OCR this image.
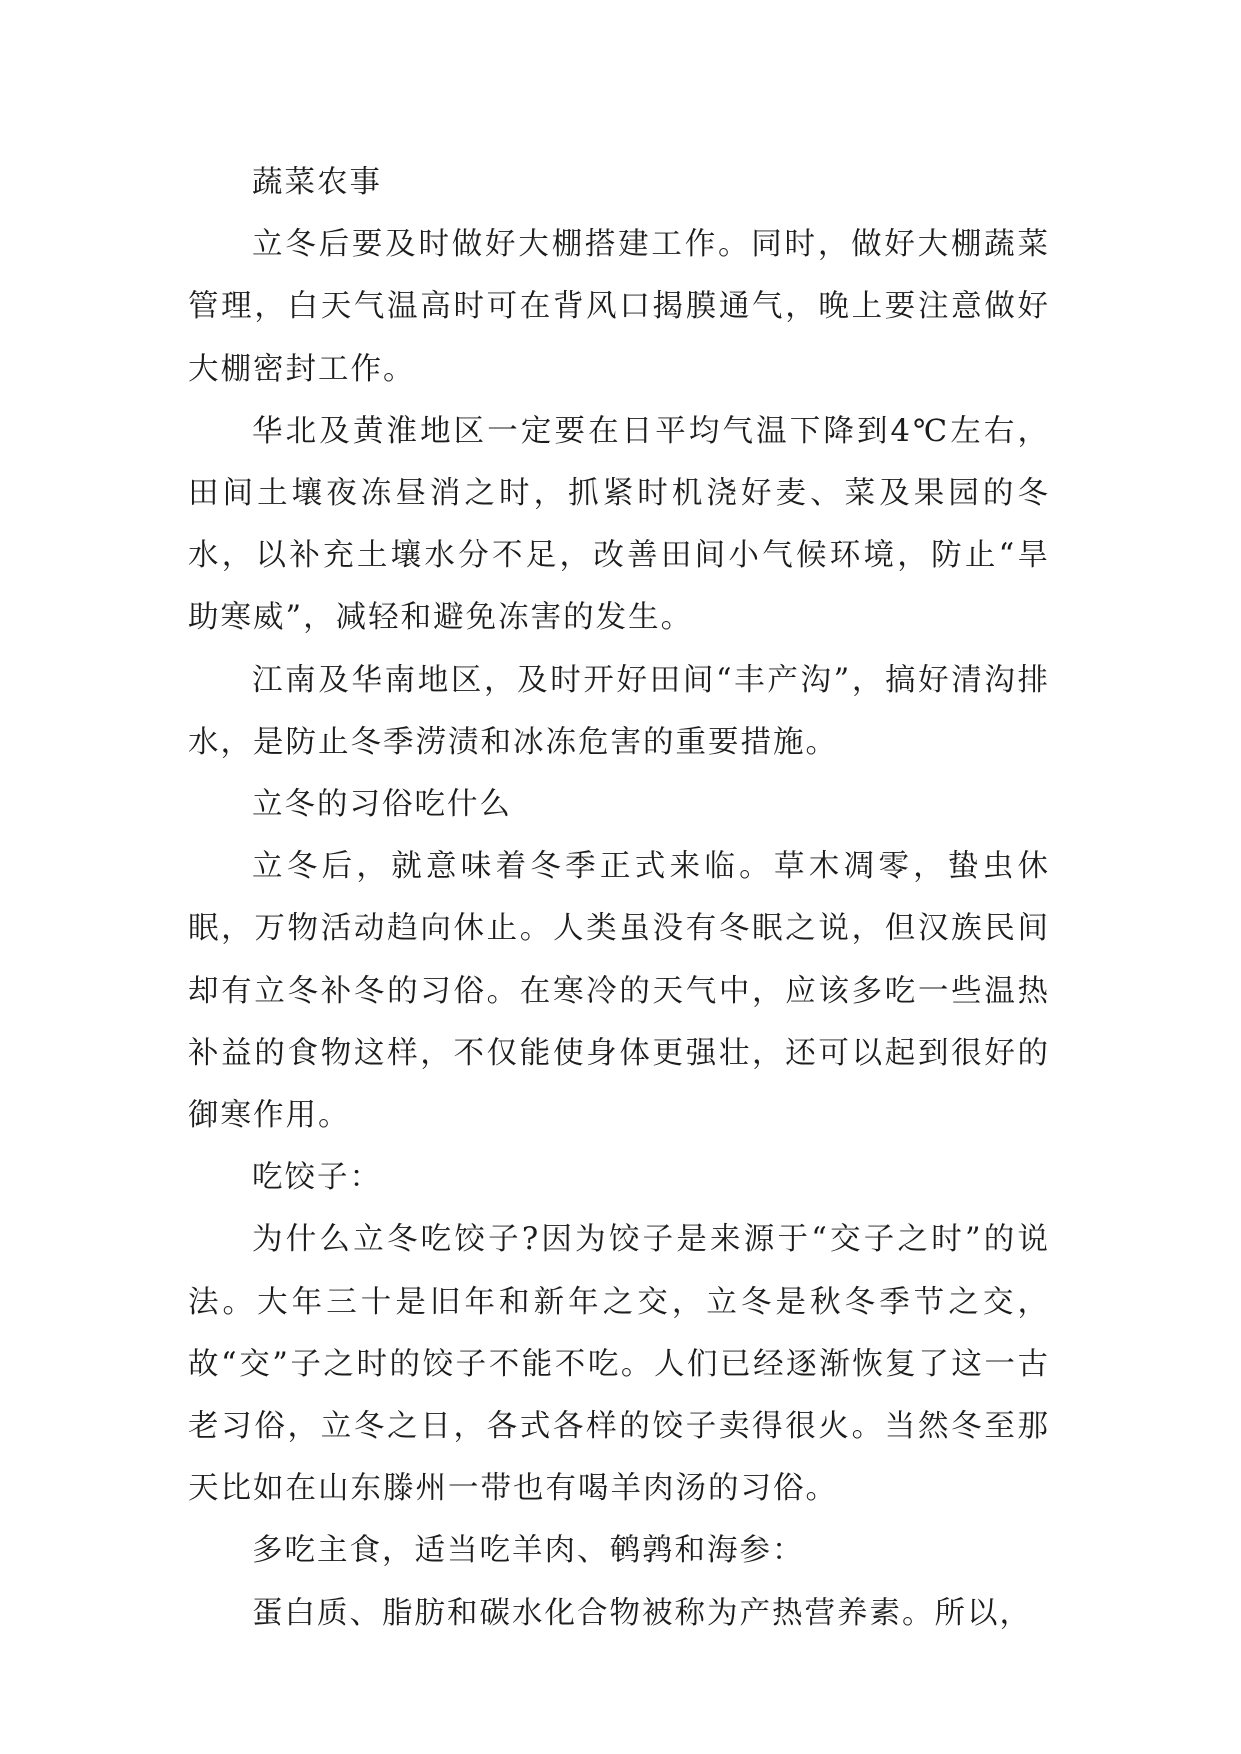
蔬菜农事

立冬后要及时做好大棚搭建工作。同时，做好大棚蔬菜管理，白天气温高时可在背风口揭膜通气，晚上要注意做好大棚密封工作。

华北及黄淮地区一定要在日平均气温下降到4℃左右，田间土壤夜冻昼消之时，抓紧时机浇好麦、菜及果园的冬水，以补充土壤水分不足，改善田间小气候环境，防止“旱助寒威”，减轻和避免冻害的发生。

江南及华南地区，及时开好田间“丰产沟”，搞好清沟排水，是防止冬季涝渍和冰冻危害的重要措施。

立冬的习俗吃什么

立冬后，就意味着冬季正式来临。草木凋零，蛰虫休眠，万物活动趋向休止。人类虽没有冬眠之说，但汉族民间却有立冬补冬的习俗。在寒冷的天气中，应该多吃一些温热补益的食物这样，不仅能使身体更强壮，还可以起到很好的御寒作用。

吃饺子：

为什么立冬吃饺子?因为饺子是来源于“交子之时”的说法。大年三十是旧年和新年之交，立冬是秋冬季节之交，故“交”子之时的饺子不能不吃。人们已经逐渐恢复了这一古老习俗，立冬之日，各式各样的饺子卖得很火。当然冬至那天比如在山东滕州一带也有喝羊肉汤的习俗。

多吃主食，适当吃羊肉、鹌鹑和海参：

蛋白质、脂肪和碳水化合物被称为产热营养素。所以，
